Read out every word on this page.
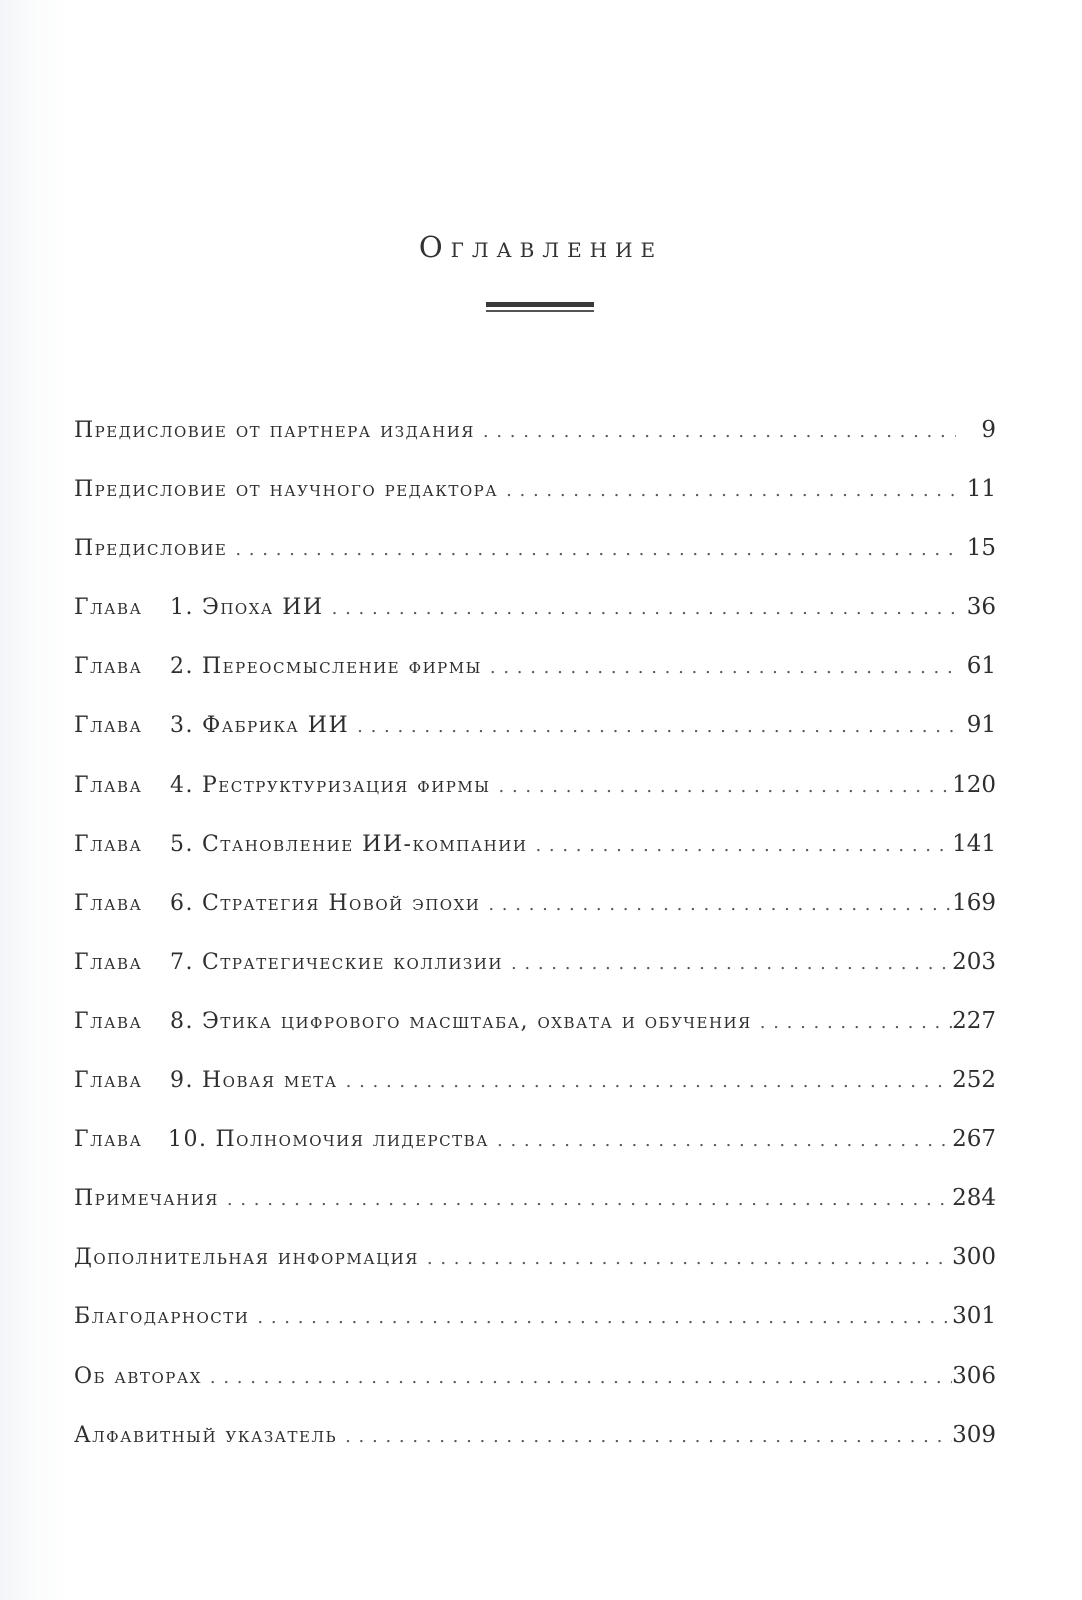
Оглавление
Предисловие от партнера издания . . .	9
Предисловие от научного редактора . . .	11
Предисловие . . .	15
Глава 1. Эпоха ИИ . . .	36
Глава 2. Переосмысление фирмы . . .	61
Глава 3. Фабрика ИИ . . .	91
Глава 4. Реструктуризация фирмы . . .	120
Глава 5. Становление ИИ-компании . . .	141
Глава 6. Стратегия Новой эпохи . . .	169
Глава 7. Стратегические коллизии . . .	203
Глава 8. Этика цифрового масштаба, охвата и обучения . . .	227
Глава 9. Новая мета . . .	252
Глава 10. Полномочия лидерства . . .	267
Примечания . . .	284
Дополнительная информация . . .	300
Благодарности . . .	301
Об авторах . . .	306
Алфавитный указатель . . .	309
